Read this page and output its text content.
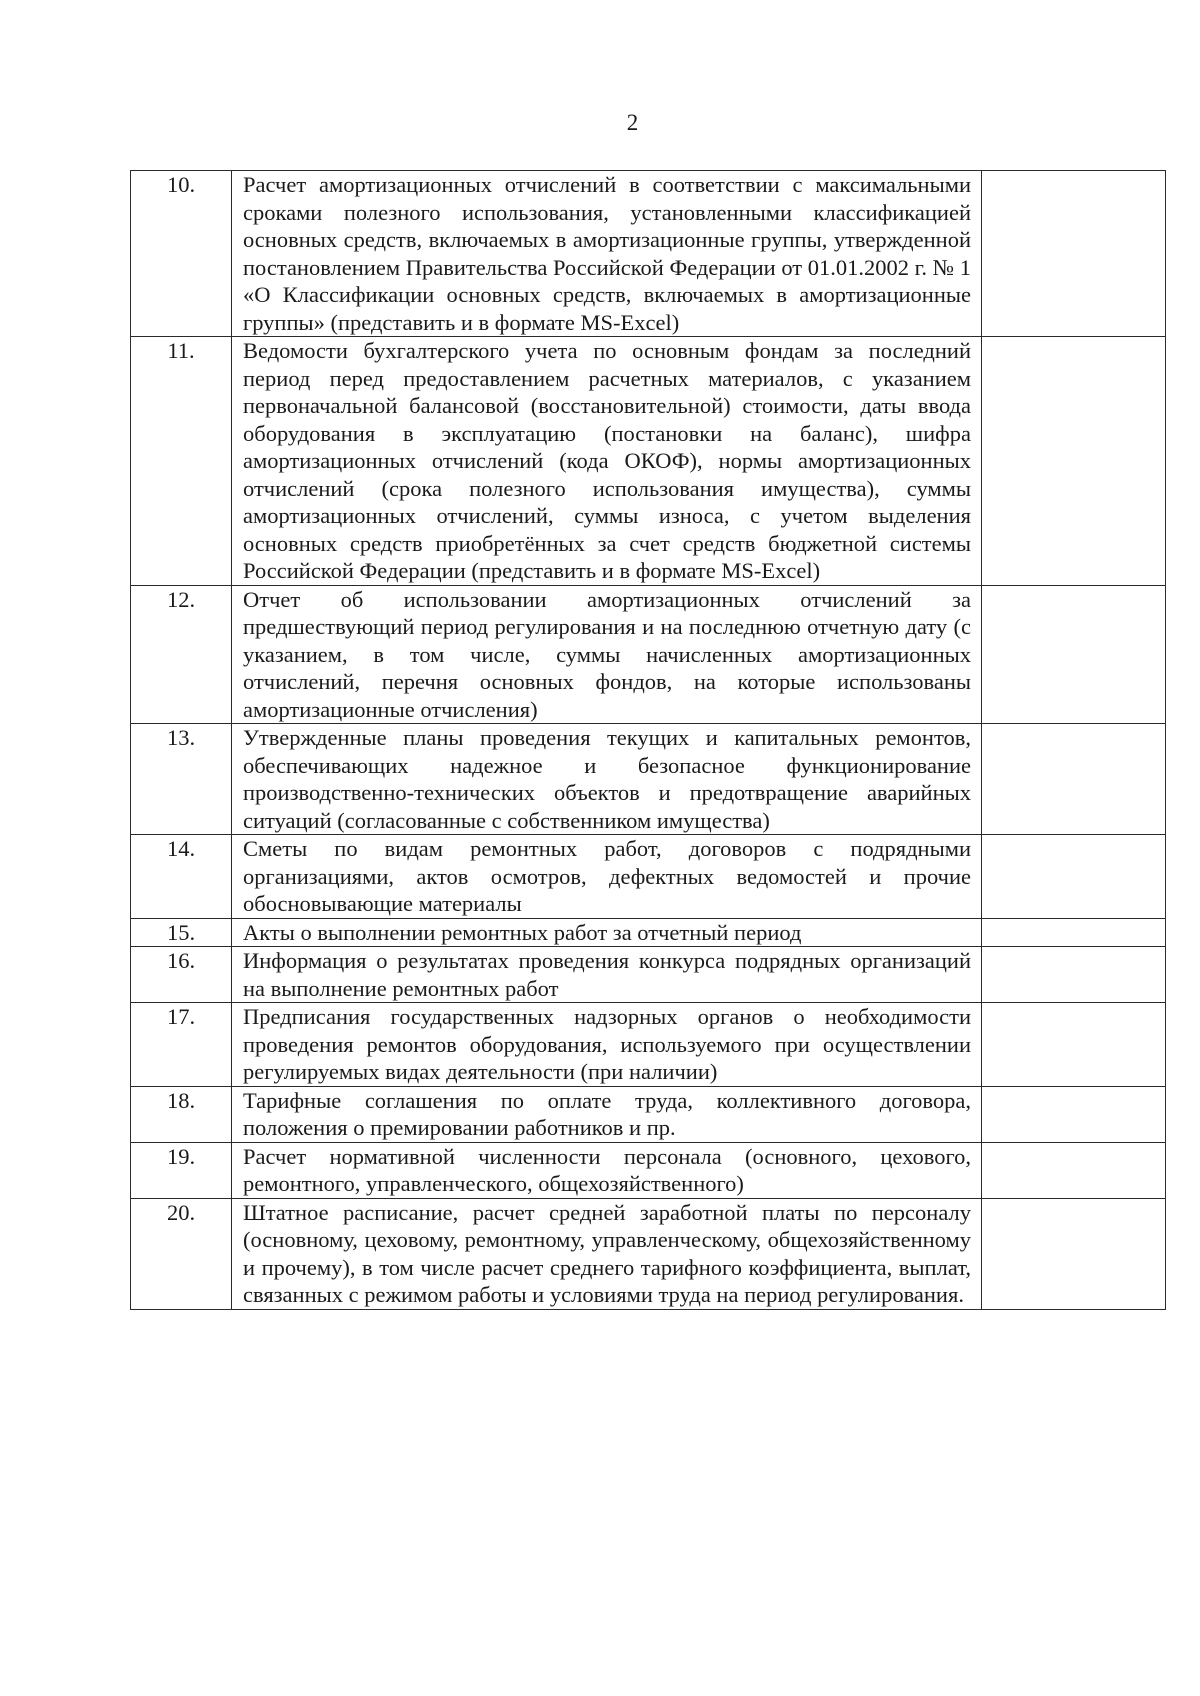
2
10.	Расчет амортизационных отчислений в соответствии с максимальными сроками полезного использования, установленными классификацией основных средств, включаемых в амортизационные группы, утвержденной постановлением Правительства Российской Федерации от 01.01.2002 г. № 1 «О Классификации основных средств, включаемых в амортизационные группы» (представить и в формате MS-Excel)	
11.	Ведомости бухгалтерского учета по основным фондам за последний период перед предоставлением расчетных материалов, с указанием первоначальной балансовой (восстановительной) стоимости, даты ввода оборудования в эксплуатацию (постановки на баланс), шифра амортизационных отчислений (кода ОКОФ), нормы амортизационных отчислений (срока полезного использования имущества), суммы амортизационных отчислений, суммы износа, с учетом выделения основных средств приобретённых за счет средств бюджетной системы Российской Федерации (представить и в формате MS-Excel)	
12.	Отчет об использовании амортизационных отчислений за предшествующий период регулирования и на последнюю отчетную дату (с указанием, в том числе, суммы начисленных амортизационных отчислений, перечня основных фондов, на которые использованы амортизационные отчисления)	
13.	Утвержденные планы проведения текущих и капитальных ремонтов, обеспечивающих надежное и безопасное функционирование производственно-технических объектов и предотвращение аварийных ситуаций (согласованные с собственником имущества)	
14.	Сметы по видам ремонтных работ, договоров с подрядными организациями, актов осмотров, дефектных ведомостей и прочие обосновывающие материалы	
15.	Акты о выполнении ремонтных работ за отчетный период	
16.	Информация о результатах проведения конкурса подрядных организаций на выполнение ремонтных работ	
17.	Предписания государственных надзорных органов о необходимости проведения ремонтов оборудования, используемого при осуществлении регулируемых видах деятельности (при наличии)	
18.	Тарифные соглашения по оплате труда, коллективного договора, положения о премировании работников и пр.	
19.	Расчет нормативной численности персонала (основного, цехового, ремонтного, управленческого, общехозяйственного)	
20.	Штатное расписание, расчет средней заработной платы по персоналу (основному, цеховому, ремонтному, управленческому, общехозяйственному и прочему), в том числе расчет среднего тарифного коэффициента, выплат, связанных с режимом работы и условиями труда на период регулирования.	
